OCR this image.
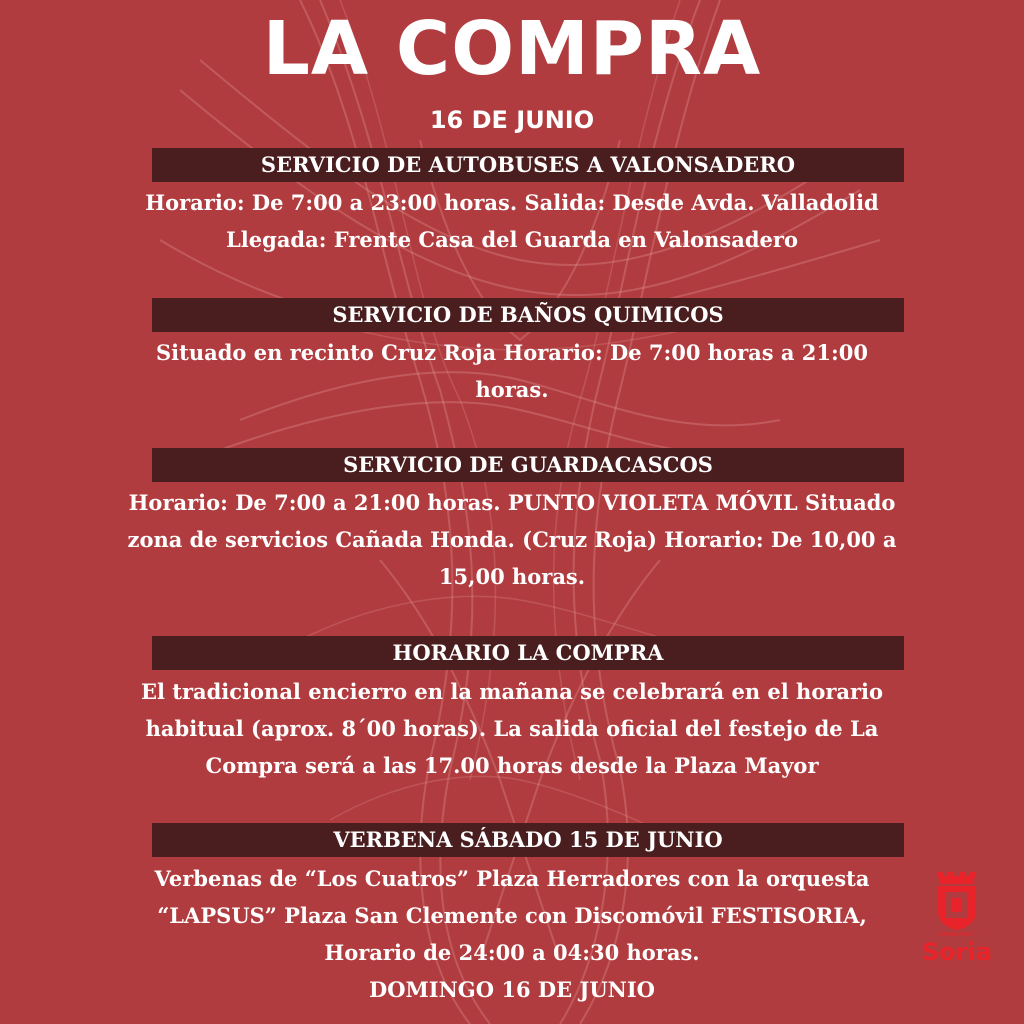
LA COMPRA
16 DE JUNIO
SERVICIO DE AUTOBUSES A VALONSADERO
Horario: De 7:00 a 23:00 horas. Salida: Desde Avda. Valladolid
Llegada: Frente Casa del Guarda en Valonsadero
SERVICIO DE BAÑOS QUIMICOS
Situado en recinto Cruz Roja Horario: De 7:00 horas a 21:00
horas.
SERVICIO DE GUARDACASCOS
Horario: De 7:00 a 21:00 horas. PUNTO VIOLETA MÓVIL Situado
zona de servicios Cañada Honda. (Cruz Roja) Horario: De 10,00 a
15,00 horas.
HORARIO LA COMPRA
El tradicional encierro en la mañana se celebrará en el horario
habitual (aprox. 8´00 horas). La salida oficial del festejo de La
Compra será a las 17.00 horas desde la Plaza Mayor
VERBENA SÁBADO 15 DE JUNIO
Verbenas de “Los Cuatros” Plaza Herradores con la orquesta
“LAPSUS” Plaza San Clemente con Discomóvil FESTISORIA,
Horario de 24:00 a 04:30 horas.
DOMINGO 16 DE JUNIO
AYUNTAMIENTO
Soria
